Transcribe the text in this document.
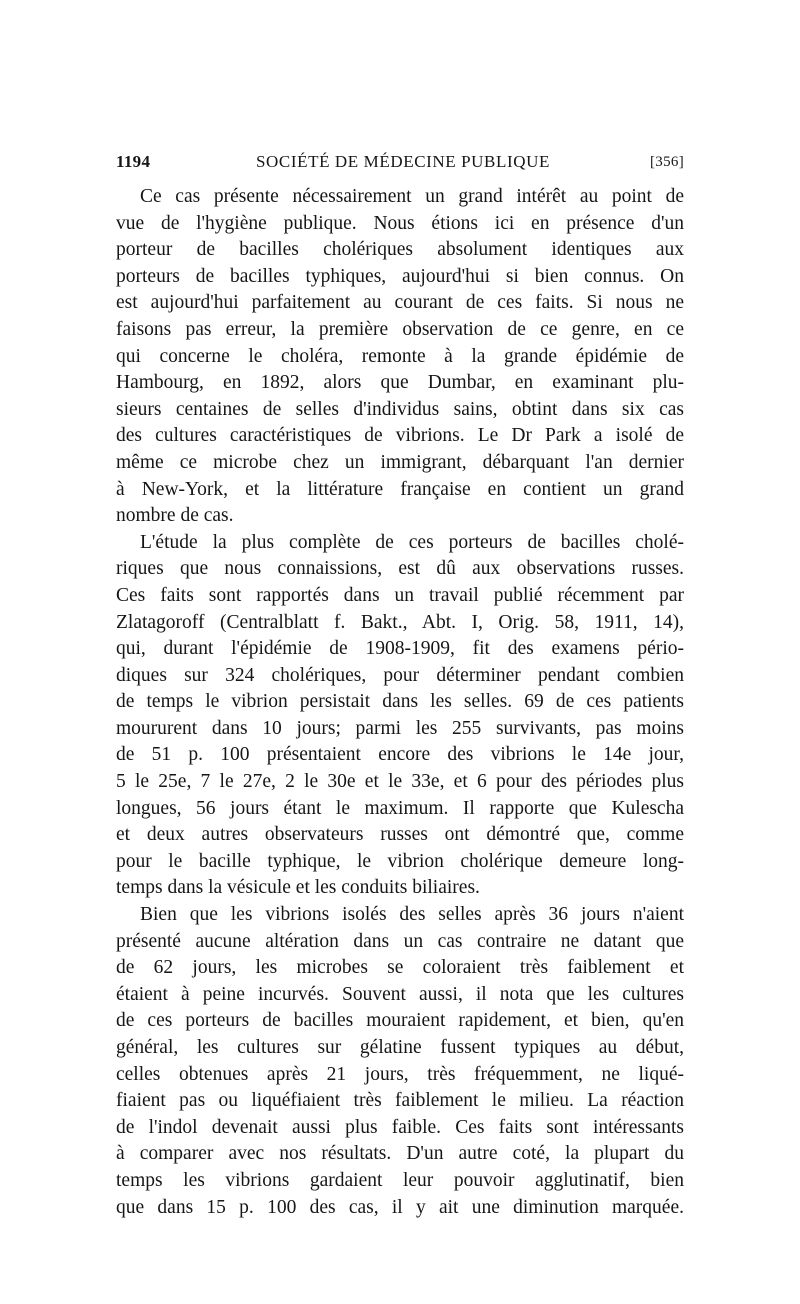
1194	SOCIÉTÉ DE MÉDECINE PUBLIQUE	[356]
Ce cas présente nécessairement un grand intérêt au point de
vue de l'hygiène publique. Nous étions ici en présence d'un
porteur de bacilles cholériques absolument identiques aux
porteurs de bacilles typhiques, aujourd'hui si bien connus. On
est aujourd'hui parfaitement au courant de ces faits. Si nous ne
faisons pas erreur, la première observation de ce genre, en ce
qui concerne le choléra, remonte à la grande épidémie de
Hambourg, en 1892, alors que Dumbar, en examinant plu-
sieurs centaines de selles d'individus sains, obtint dans six cas
des cultures caractéristiques de vibrions. Le Dr Park a isolé de
même ce microbe chez un immigrant, débarquant l'an dernier
à New-York, et la littérature française en contient un grand
nombre de cas.
L'étude la plus complète de ces porteurs de bacilles cholé-
riques que nous connaissions, est dû aux observations russes.
Ces faits sont rapportés dans un travail publié récemment par
Zlatagoroff (Centralblatt f. Bakt., Abt. I, Orig. 58, 1911, 14),
qui, durant l'épidémie de 1908-1909, fit des examens pério-
diques sur 324 cholériques, pour déterminer pendant combien
de temps le vibrion persistait dans les selles. 69 de ces patients
moururent dans 10 jours; parmi les 255 survivants, pas moins
de 51 p. 100 présentaient encore des vibrions le 14e jour,
5 le 25e, 7 le 27e, 2 le 30e et le 33e, et 6 pour des périodes plus
longues, 56 jours étant le maximum. Il rapporte que Kulescha
et deux autres observateurs russes ont démontré que, comme
pour le bacille typhique, le vibrion cholérique demeure long-
temps dans la vésicule et les conduits biliaires.
Bien que les vibrions isolés des selles après 36 jours n'aient
présenté aucune altération dans un cas contraire ne datant que
de 62 jours, les microbes se coloraient très faiblement et
étaient à peine incurvés. Souvent aussi, il nota que les cultures
de ces porteurs de bacilles mouraient rapidement, et bien, qu'en
général, les cultures sur gélatine fussent typiques au début,
celles obtenues après 21 jours, très fréquemment, ne liqué-
fiaient pas ou liquéfiaient très faiblement le milieu. La réaction
de l'indol devenait aussi plus faible. Ces faits sont intéressants
à comparer avec nos résultats. D'un autre coté, la plupart du
temps les vibrions gardaient leur pouvoir agglutinatif, bien
que dans 15 p. 100 des cas, il y ait une diminution marquée.
